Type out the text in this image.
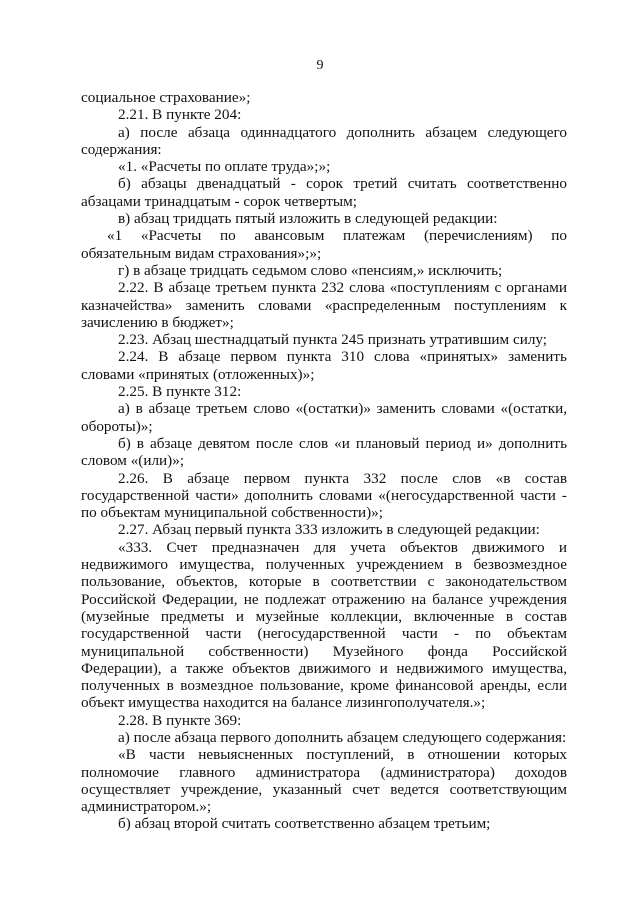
9

социальное страхование»;

2.21. В пункте 204:

а) после абзаца одиннадцатого дополнить абзацем следующего содержания:

«1. «Расчеты по оплате труда»;»;

б) абзацы двенадцатый - сорок третий считать соответственно абзацами тринадцатым - сорок четвертым;

в) абзац тридцать пятый изложить в следующей редакции:

«1 «Расчеты по авансовым платежам (перечислениям) по обязательным видам страхования»;»;

г) в абзаце тридцать седьмом слово «пенсиям,» исключить;

2.22. В абзаце третьем пункта 232 слова «поступлениям с органами казначейства» заменить словами «распределенным поступлениям к зачислению в бюджет»;

2.23. Абзац шестнадцатый пункта 245 признать утратившим силу;

2.24. В абзаце первом пункта 310 слова «принятых» заменить словами «принятых (отложенных)»;

2.25. В пункте 312:

а) в абзаце третьем слово «(остатки)» заменить словами «(остатки, обороты)»;

б) в абзаце девятом после слов «и плановый период и» дополнить словом «(или)»;

2.26. В абзаце первом пункта 332 после слов «в состав государственной части» дополнить словами «(негосударственной части - по объектам муниципальной собственности)»;

2.27. Абзац первый пункта 333 изложить в следующей редакции:

«333. Счет предназначен для учета объектов движимого и недвижимого имущества, полученных учреждением в безвозмездное пользование, объектов, которые в соответствии с законодательством Российской Федерации, не подлежат отражению на балансе учреждения (музейные предметы и музейные коллекции, включенные в состав государственной части (негосударственной части - по объектам муниципальной собственности) Музейного фонда Российской Федерации), а также объектов движимого и недвижимого имущества, полученных в возмездное пользование, кроме финансовой аренды, если объект имущества находится на балансе лизингополучателя.»;

2.28. В пункте 369:

а) после абзаца первого дополнить абзацем следующего содержания:

«В части невыясненных поступлений, в отношении которых полномочие главного администратора (администратора) доходов осуществляет учреждение, указанный счет ведется соответствующим администратором.»;

б) абзац второй считать соответственно абзацем третьим;
